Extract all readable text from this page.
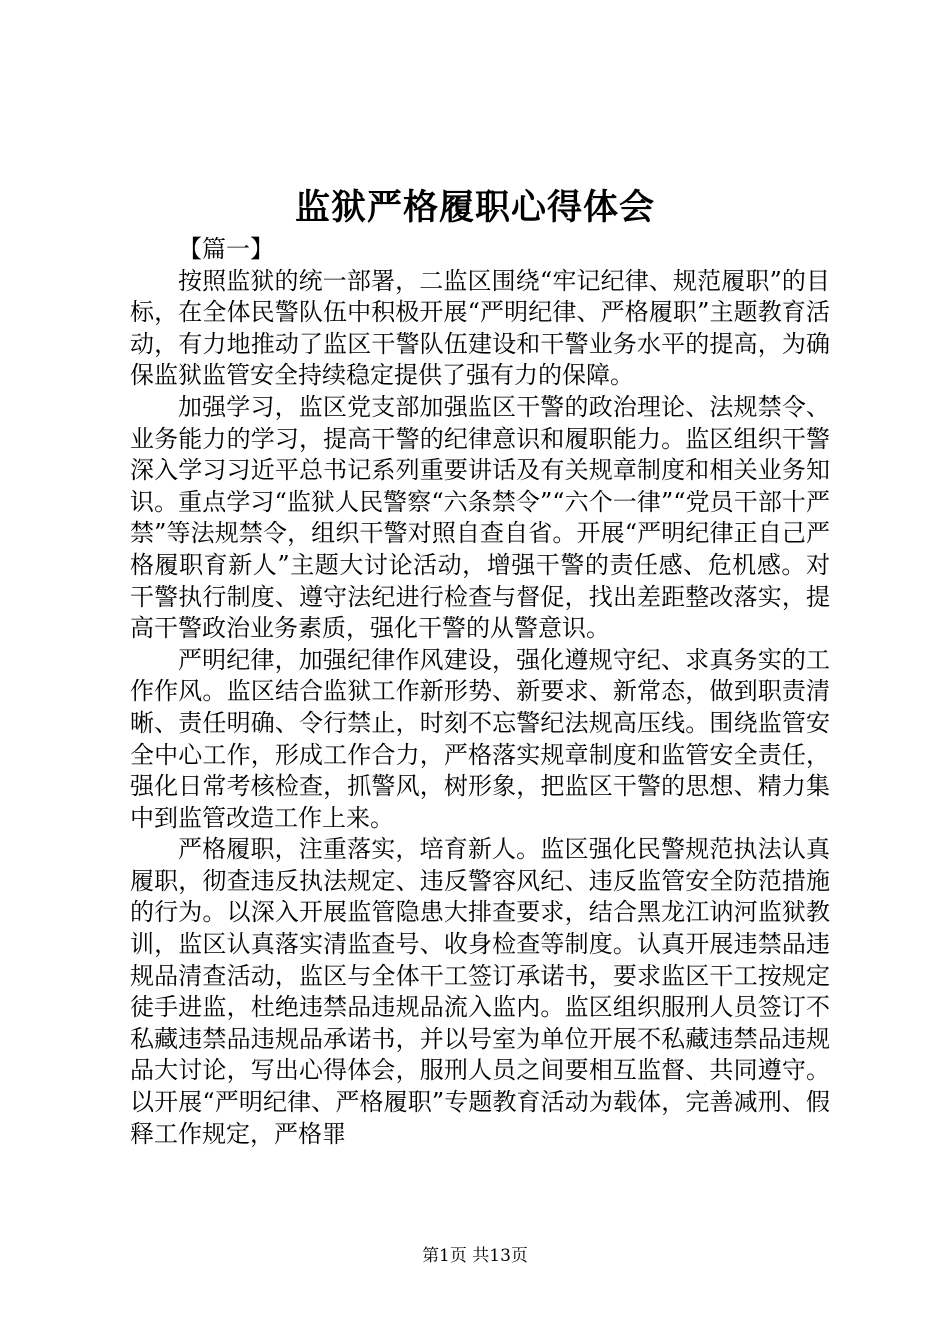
监狱严格履职心得体会

【篇一】

按照监狱的统一部署，二监区围绕“牢记纪律、规范履职”的目标，在全体民警队伍中积极开展“严明纪律、严格履职”主题教育活动，有力地推动了监区干警队伍建设和干警业务水平的提高，为确保监狱监管安全持续稳定提供了强有力的保障。

加强学习，监区党支部加强监区干警的政治理论、法规禁令、业务能力的学习，提高干警的纪律意识和履职能力。监区组织干警深入学习习近平总书记系列重要讲话及有关规章制度和相关业务知识。重点学习“监狱人民警察“六条禁令”“六个一律”“党员干部十严禁”等法规禁令，组织干警对照自查自省。开展“严明纪律正自己严格履职育新人”主题大讨论活动，增强干警的责任感、危机感。对干警执行制度、遵守法纪进行检查与督促，找出差距整改落实，提高干警政治业务素质，强化干警的从警意识。

严明纪律，加强纪律作风建设，强化遵规守纪、求真务实的工作作风。监区结合监狱工作新形势、新要求、新常态，做到职责清晰、责任明确、令行禁止，时刻不忘警纪法规高压线。围绕监管安全中心工作，形成工作合力，严格落实规章制度和监管安全责任，强化日常考核检查，抓警风，树形象，把监区干警的思想、精力集中到监管改造工作上来。

严格履职，注重落实，培育新人。监区强化民警规范执法认真履职，彻查违反执法规定、违反警容风纪、违反监管安全防范措施的行为。以深入开展监管隐患大排查要求，结合黑龙江讷河监狱教训，监区认真落实清监查号、收身检查等制度。认真开展违禁品违规品清查活动，监区与全体干工签订承诺书，要求监区干工按规定徒手进监，杜绝违禁品违规品流入监内。监区组织服刑人员签订不私藏违禁品违规品承诺书，并以号室为单位开展不私藏违禁品违规品大讨论，写出心得体会，服刑人员之间要相互监督、共同遵守。以开展“严明纪律、严格履职”专题教育活动为载体，完善减刑、假释工作规定，严格罪

第1页 共13页
